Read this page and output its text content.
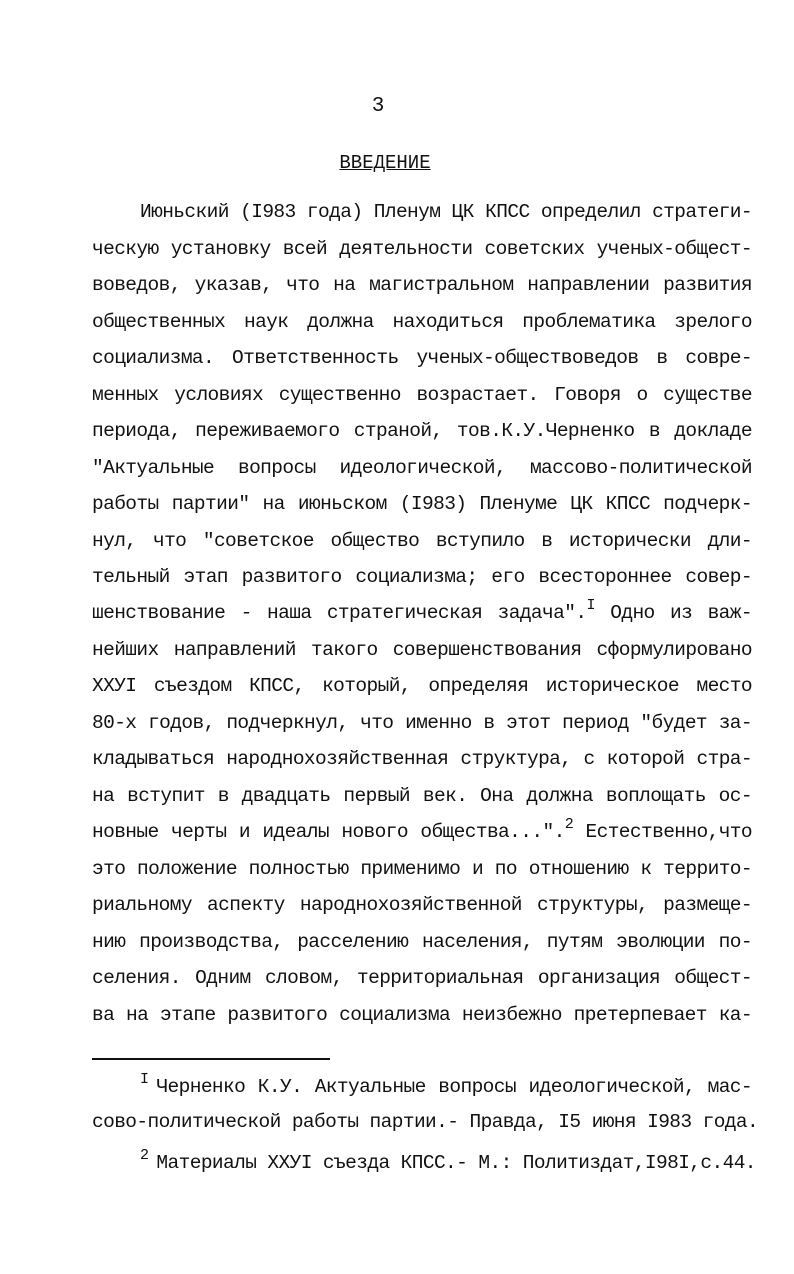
3
ВВЕДЕНИЕ
Июньский (I983 года) Пленум ЦК КПСС определил стратеги-
ческую установку всей деятельности советских ученых-общест-
воведов, указав, что на магистральном направлении развития
общественных наук должна находиться проблематика зрелого
социализма. Ответственность ученых-обществоведов в совре-
менных условиях существенно возрастает. Говоря о существе
периода, переживаемого страной, тов.К.У.Черненко в докладе
"Актуальные вопросы идеологической, массово-политической
работы партии" на июньском (I983) Пленуме ЦК КПСС подчерк-
нул, что "советское общество вступило в исторически дли-
тельный этап развитого социализма; его всестороннее совер-
шенствование - наша стратегическая задача".$^I$ Одно из важ-
нейших направлений такого совершенствования сформулировано
ХХУI съездом КПСС, который, определяя историческое место
80-х годов, подчеркнул, что именно в этот период "будет за-
кладываться народнохозяйственная структура, с которой стра-
на вступит в двадцать первый век. Она должна воплощать ос-
новные черты и идеалы нового общества...".$^2$ Естественно,что
это положение полностью применимо и по отношению к террито-
риальному аспекту народнохозяйственной структуры, размеще-
нию производства, расселению населения, путям эволюции по-
селения. Одним словом, территориальная организация общест-
ва на этапе развитого социализма неизбежно претерпевает ка-
$^I$ Черненко К.У. Актуальные вопросы идеологической, мас-
сово-политической работы партии.- Правда, I5 июня I983 года.
$^2$ Материалы ХХУI съезда КПСС.- М.: Политиздат,I98I,с.44.
